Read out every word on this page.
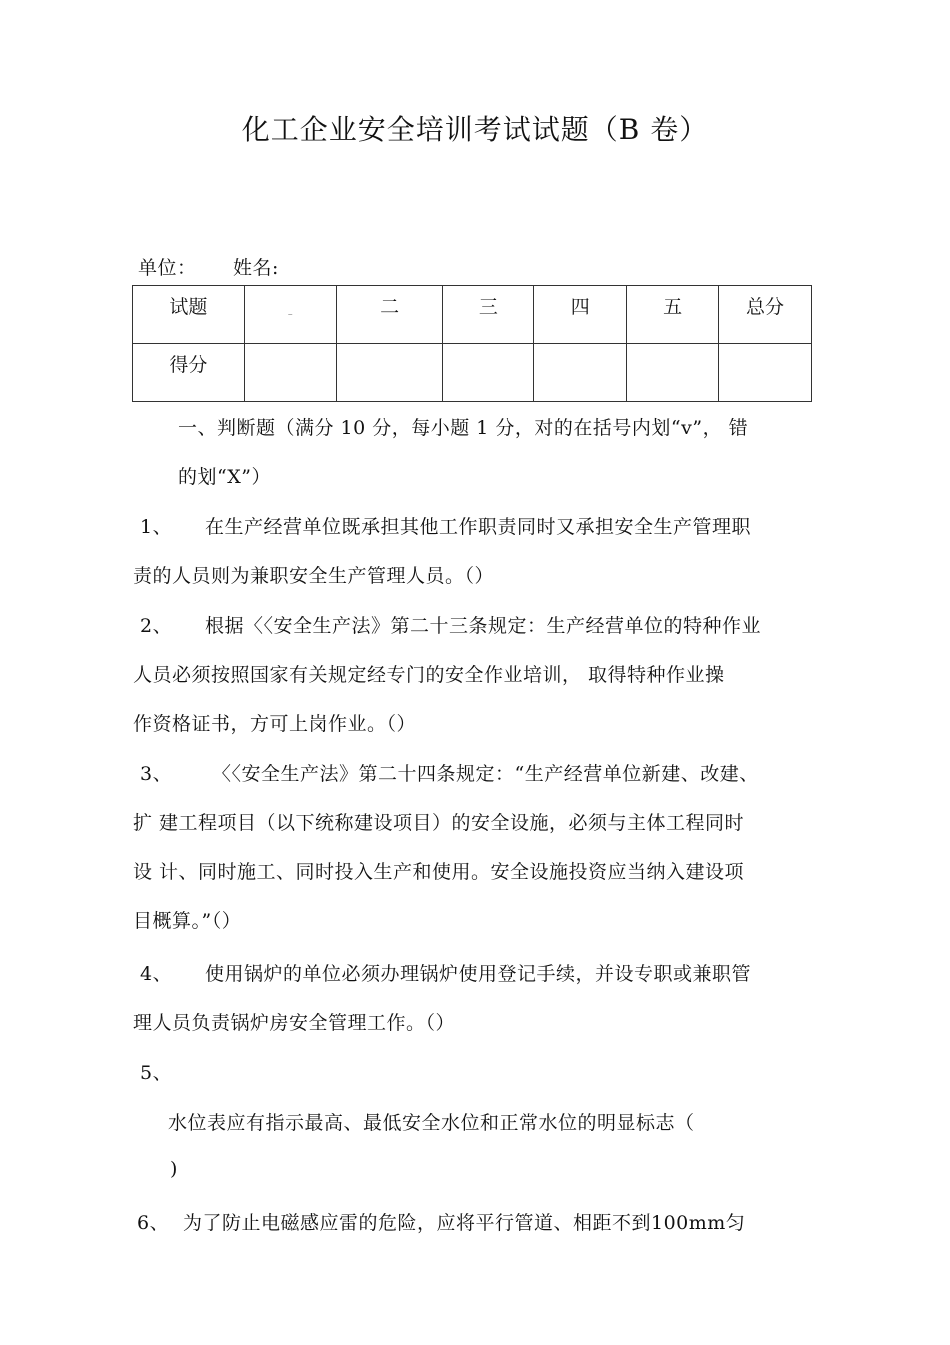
化工企业安全培训考试试题（B 卷）
单位： 姓名:
试题	_	二	三	四	五	总分
得分						
一、判断题（满分 10 分，每小题 1 分，对的在括号内划“v”， 错
的划“X”）
1、 在生产经营单位既承担其他工作职责同时又承担安全生产管理职
责的人员则为兼职安全生产管理人员。（）
2、 根据〈〈安全生产法》第二十三条规定：生产经营单位的特种作业
人员必须按照国家有关规定经专门的安全作业培训， 取得特种作业操
作资格证书，方可上岗作业。（）
3、 〈〈安全生产法》第二十四条规定：“生产经营单位新建、改建、
扩 建工程项目（以下统称建设项目）的安全设施，必须与主体工程同时
设 计、同时施工、同时投入生产和使用。安全设施投资应当纳入建设项
目概算。”（）
4、 使用锅炉的单位必须办理锅炉使用登记手续，并设专职或兼职管
理人员负责锅炉房安全管理工作。（）
5、
水位表应有指示最高、最低安全水位和正常水位的明显标志（
)
6、 为了防止电磁感应雷的危险，应将平行管道、相距不到100mm匀
